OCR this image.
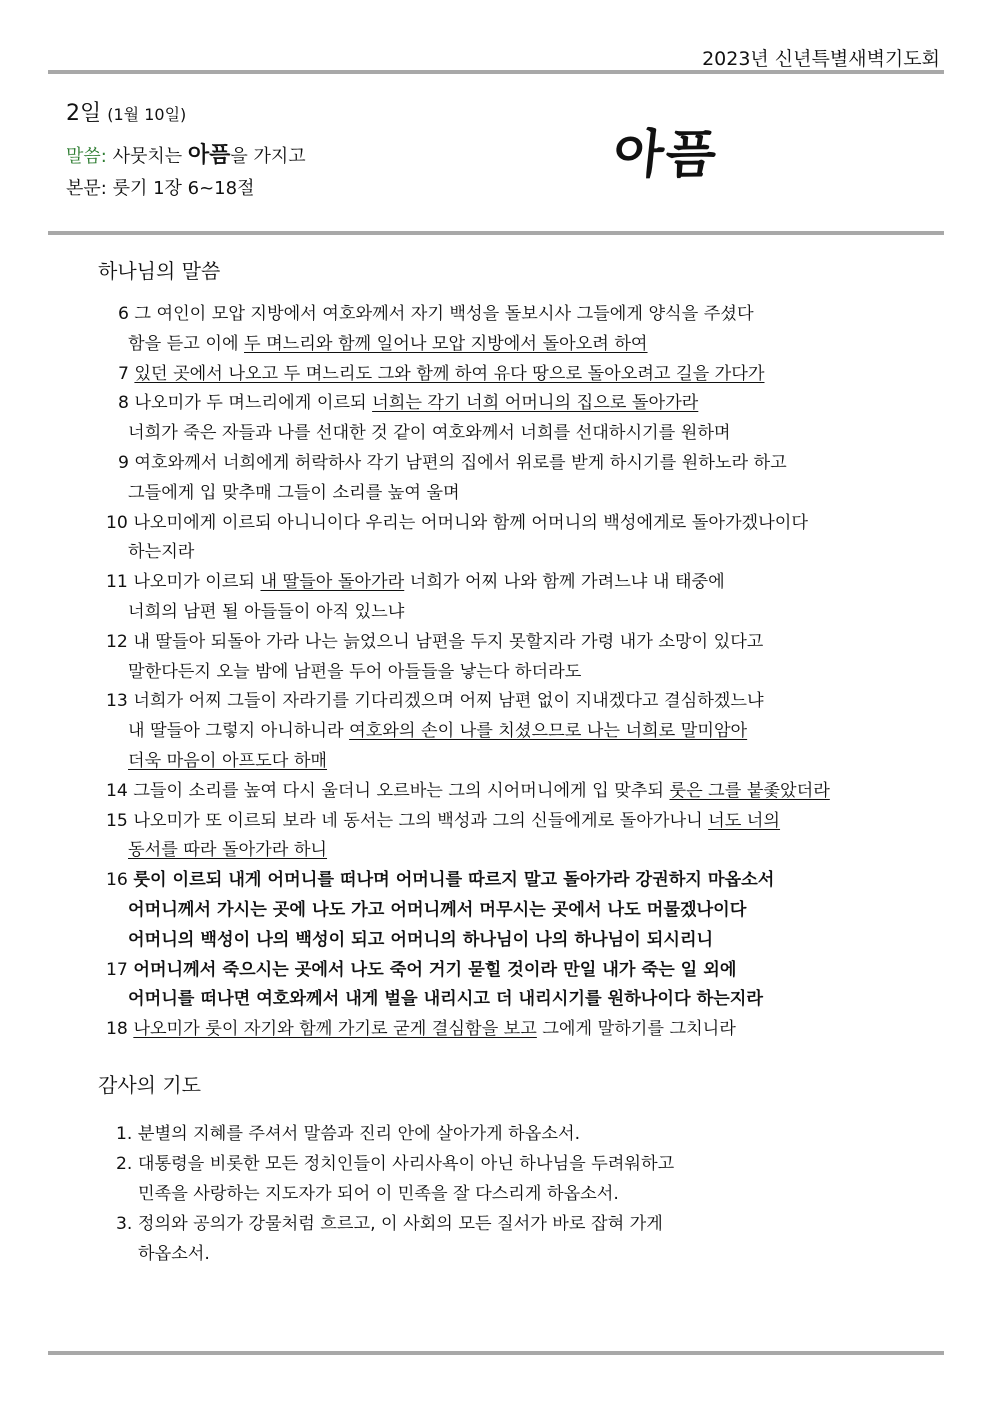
2023년 신년특별새벽기도회
2일 (1월 10일)
말씀: 사뭇치는 아픔을 가지고
본문: 룻기 1장 6~18절
아픔
하나님의 말씀
6 그 여인이 모압 지방에서 여호와께서 자기 백성을 돌보시사 그들에게 양식을 주셨다
함을 듣고 이에 두 며느리와 함께 일어나 모압 지방에서 돌아오려 하여
7 있던 곳에서 나오고 두 며느리도 그와 함께 하여 유다 땅으로 돌아오려고 길을 가다가
8 나오미가 두 며느리에게 이르되 너희는 각기 너희 어머니의 집으로 돌아가라
너희가 죽은 자들과 나를 선대한 것 같이 여호와께서 너희를 선대하시기를 원하며
9 여호와께서 너희에게 허락하사 각기 남편의 집에서 위로를 받게 하시기를 원하노라 하고
그들에게 입 맞추매 그들이 소리를 높여 울며
10 나오미에게 이르되 아니니이다 우리는 어머니와 함께 어머니의 백성에게로 돌아가겠나이다
하는지라
11 나오미가 이르되 내 딸들아 돌아가라 너희가 어찌 나와 함께 가려느냐 내 태중에
너희의 남편 될 아들들이 아직 있느냐
12 내 딸들아 되돌아 가라 나는 늙었으니 남편을 두지 못할지라 가령 내가 소망이 있다고
말한다든지 오늘 밤에 남편을 두어 아들들을 낳는다 하더라도
13 너희가 어찌 그들이 자라기를 기다리겠으며 어찌 남편 없이 지내겠다고 결심하겠느냐
내 딸들아 그렇지 아니하니라 여호와의 손이 나를 치셨으므로 나는 너희로 말미암아
더욱 마음이 아프도다 하매
14 그들이 소리를 높여 다시 울더니 오르바는 그의 시어머니에게 입 맞추되 룻은 그를 붙좇았더라
15 나오미가 또 이르되 보라 네 동서는 그의 백성과 그의 신들에게로 돌아가나니 너도 너의
동서를 따라 돌아가라 하니
16 룻이 이르되 내게 어머니를 떠나며 어머니를 따르지 말고 돌아가라 강권하지 마옵소서
어머니께서 가시는 곳에 나도 가고 어머니께서 머무시는 곳에서 나도 머물겠나이다
어머니의 백성이 나의 백성이 되고 어머니의 하나님이 나의 하나님이 되시리니
17 어머니께서 죽으시는 곳에서 나도 죽어 거기 묻힐 것이라 만일 내가 죽는 일 외에
어머니를 떠나면 여호와께서 내게 벌을 내리시고 더 내리시기를 원하나이다 하는지라
18 나오미가 룻이 자기와 함께 가기로 굳게 결심함을 보고 그에게 말하기를 그치니라
감사의 기도
1. 분별의 지혜를 주셔서 말씀과 진리 안에 살아가게 하옵소서.
2. 대통령을 비롯한 모든 정치인들이 사리사욕이 아닌 하나님을 두려워하고
민족을 사랑하는 지도자가 되어 이 민족을 잘 다스리게 하옵소서.
3. 정의와 공의가 강물처럼 흐르고, 이 사회의 모든 질서가 바로 잡혀 가게
하옵소서.
